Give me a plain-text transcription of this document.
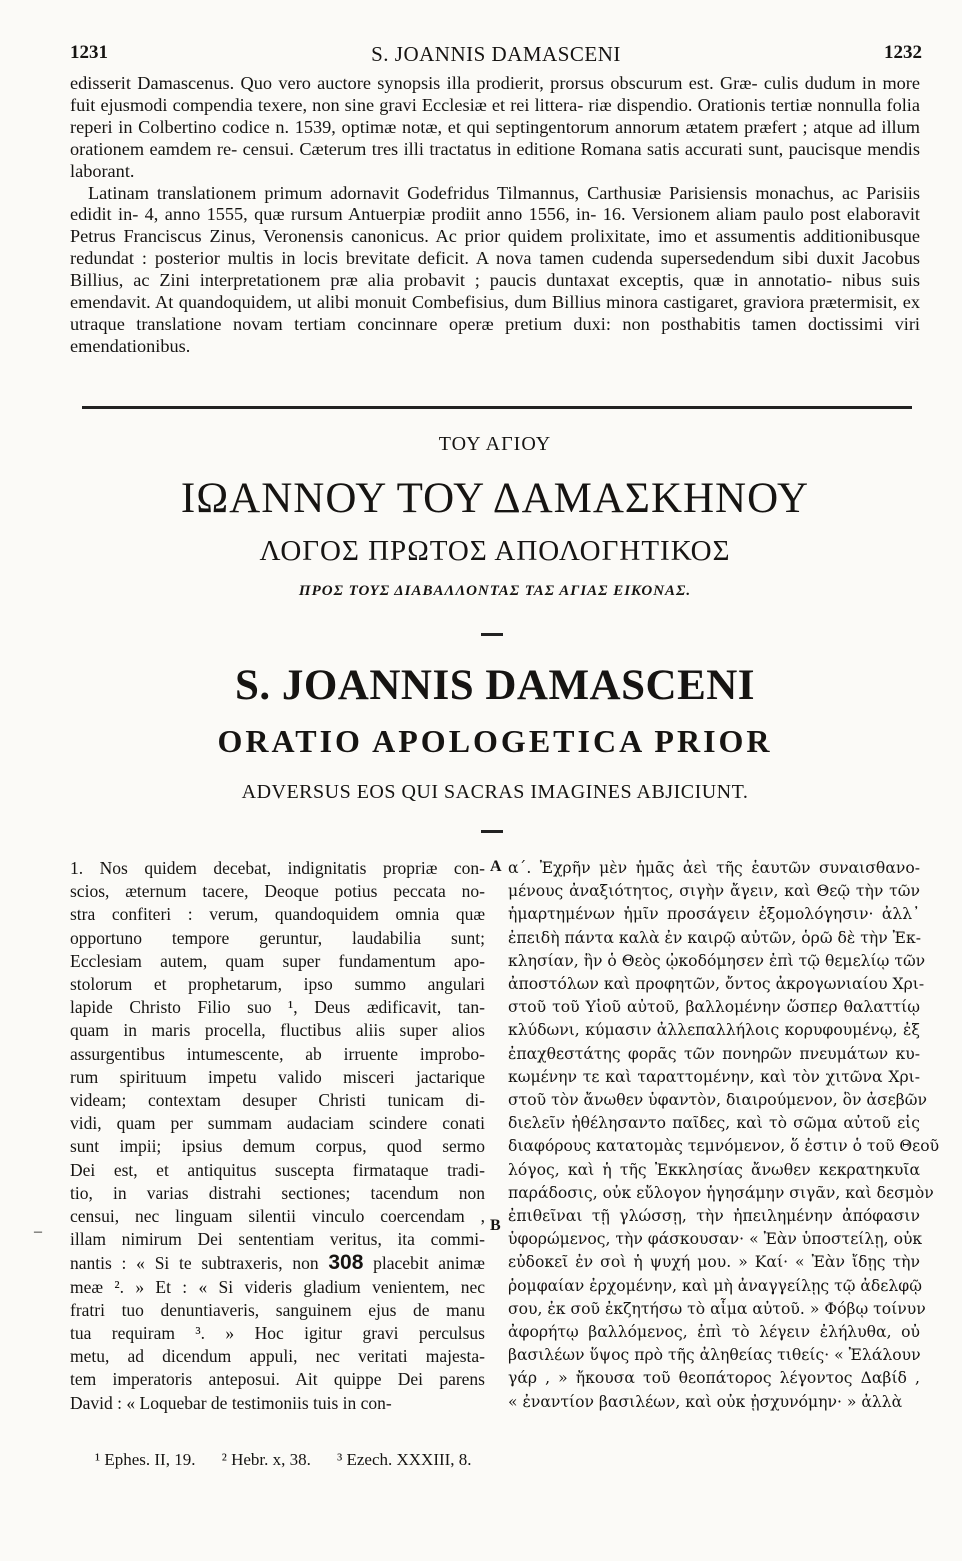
1231	S. JOANNIS DAMASCENI	1232

edisserit Damascenus. Quo vero auctore synopsis illa prodierit, prorsus obscurum est. Græ- culis dudum in more fuit ejusmodi compendia texere, non sine gravi Ecclesiæ et rei littera- riæ dispendio. Orationis tertiæ nonnulla folia reperi in Colbertino codice n. 1539, optimæ notæ, et qui septingentorum annorum ætatem præfert ; atque ad illum orationem eamdem re- censui. Cæterum tres illi tractatus in editione Romana satis accurati sunt, paucisque mendis laborant.

Latinam translationem primum adornavit Godefridus Tilmannus, Carthusiæ Parisiensis monachus, ac Parisiis edidit in- 4, anno 1555, quæ rursum Antuerpiæ prodiit anno 1556, in- 16. Versionem aliam paulo post elaboravit Petrus Franciscus Zinus, Veronensis canonicus. Ac prior quidem prolixitate, imo et assumentis additionibusque redundat : posterior multis in locis brevitate deficit. A nova tamen cudenda supersedendum sibi duxit Jacobus Billius, ac Zini interpretationem præ alia probavit ; paucis duntaxat exceptis, quæ in annotatio- nibus suis emendavit. At quandoquidem, ut alibi monuit Combefisius, dum Billius minora castigaret, graviora prætermisit, ex utraque translatione novam tertiam concinnare operæ pretium duxi: non posthabitis tamen doctissimi viri emendationibus.

ΤΟΥ ΑΓΙΟΥ
ΙΩΑΝΝΟΥ ΤΟΥ ΔΑΜΑΣΚΗΝΟΥ
ΛΟΓΟΣ ΠΡΩΤΟΣ ΑΠΟΛΟΓΗΤΙΚΟΣ
ΠΡΟΣ ΤΟΥΣ ΔΙΑΒΑΛΛΟΝΤΑΣ ΤΑΣ ΑΓΙΑΣ ΕΙΚΟΝΑΣ.
S. JOANNIS DAMASCENI
ORATIO APOLOGETICA PRIOR
ADVERSUS EOS QUI SACRAS IMAGINES ABJICIUNT.
A
B
–
1. Nos quidem decebat, indignitatis propriæ con-
scios, æternum tacere, Deoque potius peccata no-
stra confiteri : verum, quandoquidem omnia quæ
opportuno tempore geruntur, laudabilia sunt;
Ecclesiam autem, quam super fundamentum apo-
stolorum et prophetarum, ipso summo angulari
lapide Christo Filio suo ¹, Deus ædificavit, tan-
quam in maris procella, fluctibus aliis super alios
assurgentibus intumescente, ab irruente improbo-
rum spirituum impetu valido misceri jactarique
videam; contextam desuper Christi tunicam di-
vidi, quam per summam audaciam scindere conati
sunt impii; ipsius demum corpus, quod sermo
Dei est, et antiquitus suscepta firmataque tradi-
tio, in varias distrahi sectiones; tacendum non
censui, nec linguam silentii vinculo coercendam ,
illam nimirum Dei sententiam veritus, ita commi-
nantis : « Si te subtraxeris, non 308 placebit animæ
meæ ². » Et : « Si videris gladium venientem, nec
fratri tuo denuntiaveris, sanguinem ejus de manu
tua requiram ³. » Hoc igitur gravi perculsus
metu, ad dicendum appuli, nec veritati majesta-
tem imperatoris anteposui. Ait quippe Dei parens
David : « Loquebar de testimoniis tuis in con-
α΄. Ἐχρῆν μὲν ἡμᾶς ἀεὶ τῆς ἑαυτῶν συναισθανο-
μένους ἀναξιότητος, σιγὴν ἄγειν, καὶ Θεῷ τὴν τῶν
ἡμαρτημένων ἡμῖν προσάγειν ἐξομολόγησιν· ἀλλ᾽
ἐπειδὴ πάντα καλὰ ἐν καιρῷ αὐτῶν, ὁρῶ δὲ τὴν Ἐκ-
κλησίαν, ἣν ὁ Θεὸς ᾠκοδόμησεν ἐπὶ τῷ θεμελίῳ τῶν
ἀποστόλων καὶ προφητῶν, ὄντος ἀκρογωνιαίου Χρι-
στοῦ τοῦ Υἱοῦ αὐτοῦ, βαλλομένην ὥσπερ θαλαττίῳ
κλύδωνι, κύμασιν ἀλλεπαλλήλοις κορυφουμένῳ, ἐξ
ἐπαχθεστάτης φορᾶς τῶν πονηρῶν πνευμάτων κυ-
κωμένην τε καὶ ταραττομένην, καὶ τὸν χιτῶνα Χρι-
στοῦ τὸν ἄνωθεν ὑφαντὸν, διαιρούμενον, ὃν ἀσεβῶν
διελεῖν ἠθέλησαντο παῖδες, καὶ τὸ σῶμα αὐτοῦ εἰς
διαφόρους κατατομὰς τεμνόμενον, ὅ ἐστιν ὁ τοῦ Θεοῦ
λόγος, καὶ ἡ τῆς Ἐκκλησίας ἄνωθεν κεκρατηκυῖα
παράδοσις, οὐκ εὔλογον ἡγησάμην σιγᾶν, καὶ δεσμὸν
ἐπιθεῖναι τῇ γλώσσῃ, τὴν ἠπειλημένην ἀπόφασιν
ὑφορώμενος, τὴν φάσκουσαν· « Ἐὰν ὑποστείλῃ, οὐκ
εὐδοκεῖ ἐν σοὶ ἡ ψυχή μου. » Καί· « Ἐὰν ἴδῃς τὴν
ῥομφαίαν ἐρχομένην, καὶ μὴ ἀναγγείλῃς τῷ ἀδελφῷ
σου, ἐκ σοῦ ἐκζητήσω τὸ αἷμα αὐτοῦ. » Φόβῳ τοίνυν
ἀφορήτῳ βαλλόμενος, ἐπὶ τὸ λέγειν ἐλήλυθα, οὐ
βασιλέων ὕψος πρὸ τῆς ἀληθείας τιθείς· « Ἐλάλουν
γάρ , » ἤκουσα τοῦ θεοπάτορος λέγοντος Δαβίδ ,
« ἐναντίον βασιλέων, καὶ οὐκ ᾐσχυνόμην· » ἀλλὰ
¹ Ephes. II, 19. ² Hebr. x, 38. ³ Ezech. XXXIII, 8.
